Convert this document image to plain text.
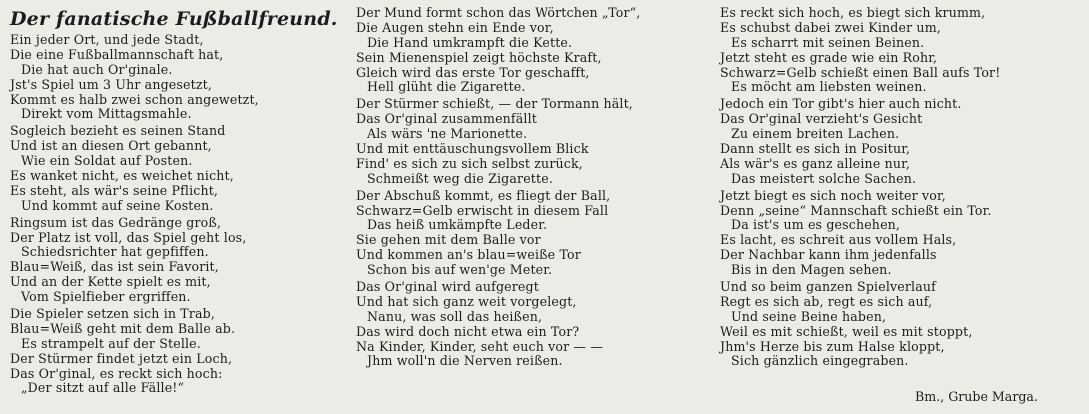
Der fanatische Fußballfreund.
Ein jeder Ort, und jede Stadt,
Die eine Fußballmannschaft hat,
Die hat auch Or'ginale.
Jst's Spiel um 3 Uhr angesetzt,
Kommt es halb zwei schon angewetzt,
Direkt vom Mittagsmahle.
Sogleich bezieht es seinen Stand
Und ist an diesen Ort gebannt,
Wie ein Soldat auf Posten.
Es wanket nicht, es weichet nicht,
Es steht, als wär's seine Pflicht,
Und kommt auf seine Kosten.
Ringsum ist das Gedränge groß,
Der Platz ist voll, das Spiel geht los,
Schiedsrichter hat gepfiffen.
Blau=Weiß, das ist sein Favorit,
Und an der Kette spielt es mit,
Vom Spielfieber ergriffen.
Die Spieler setzen sich in Trab,
Blau=Weiß geht mit dem Balle ab.
Es strampelt auf der Stelle.
Der Stürmer findet jetzt ein Loch,
Das Or'ginal, es reckt sich hoch:
„Der sitzt auf alle Fälle!“
Der Mund formt schon das Wörtchen „Tor“,
Die Augen stehn ein Ende vor,
Die Hand umkrampft die Kette.
Sein Mienenspiel zeigt höchste Kraft,
Gleich wird das erste Tor geschafft,
Hell glüht die Zigarette.
Der Stürmer schießt, — der Tormann hält,
Das Or'ginal zusammenfällt
Als wärs 'ne Marionette.
Und mit enttäuschungsvollem Blick
Find' es sich zu sich selbst zurück,
Schmeißt weg die Zigarette.
Der Abschuß kommt, es fliegt der Ball,
Schwarz=Gelb erwischt in diesem Fall
Das heiß umkämpfte Leder.
Sie gehen mit dem Balle vor
Und kommen an's blau=weiße Tor
Schon bis auf wen'ge Meter.
Das Or'ginal wird aufgeregt
Und hat sich ganz weit vorgelegt,
Nanu, was soll das heißen,
Das wird doch nicht etwa ein Tor?
Na Kinder, Kinder, seht euch vor — —
Jhm woll'n die Nerven reißen.
Es reckt sich hoch, es biegt sich krumm,
Es schubst dabei zwei Kinder um,
Es scharrt mit seinen Beinen.
Jetzt steht es grade wie ein Rohr,
Schwarz=Gelb schießt einen Ball aufs Tor!
Es möcht am liebsten weinen.
Jedoch ein Tor gibt's hier auch nicht.
Das Or'ginal verzieht's Gesicht
Zu einem breiten Lachen.
Dann stellt es sich in Positur,
Als wär's es ganz alleine nur,
Das meistert solche Sachen.
Jetzt biegt es sich noch weiter vor,
Denn „seine“ Mannschaft schießt ein Tor.
Da ist's um es geschehen,
Es lacht, es schreit aus vollem Hals,
Der Nachbar kann ihm jedenfalls
Bis in den Magen sehen.
Und so beim ganzen Spielverlauf
Regt es sich ab, regt es sich auf,
Und seine Beine haben,
Weil es mit schießt, weil es mit stoppt,
Jhm's Herze bis zum Halse kloppt,
Sich gänzlich eingegraben.
Bm., Grube Marga.
